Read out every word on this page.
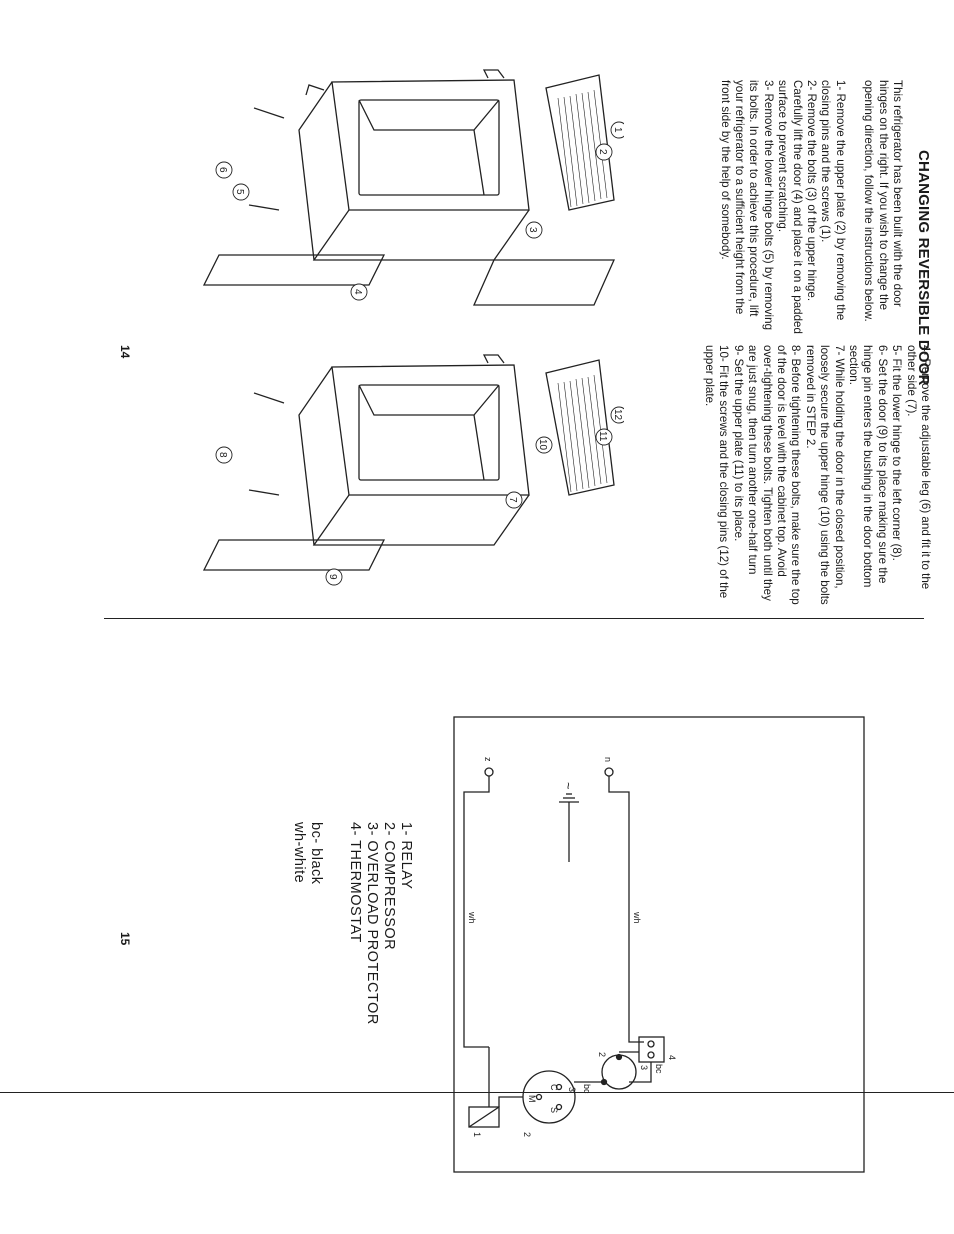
CHANGING REVERSIBLE DOOR

This refrigerator has been built with the door hinges on the right. If you wish to change the opening direction, follow the instructions below.

1- Remove the upper plate (2) by removing the closing pins and the screws (1).

2- Remove the bolts (3) of the upper hinge. Carefully lift the door (4) and place it on a padded surface to prevent scratching.

3- Remove the lower hinge bolts (5) by removing its bolts. In order to achieve this procedure, lift your refrigerator to a sufficient height from the front side by the help of somebody.

4- Remove the adjustable leg (6) and fit it to the other side (7).

5- Fit the lower hinge to the left corner (8).

6- Set the door (9) to its place making sure the hinge pin enters the bushing in the door bottom section.

7- While holding the door in the closed position, loosely secure the upper hinge (10) using the bolts removed in STEP 2.

8- Before tightening these bolts, make sure the top of the door is level with the cabinet top. Avoid over-tightening these bolts. Tighten both until they are just snug, then turn another one-half turn

9- Set the upper plate (11) to its place.

10- Fit the screws and the closing pins (12) of the upper plate.

1
2
3
4
5
6
7
8
9
10
11
12
14
1- RELAY
2- COMPRESSOR
3- OVERLOAD PROTECTOR
4- THERMOSTAT
bc- black
wh-white
15
z	n
~
wh
wh
bc
bc
4
3
2
3
C
S
M
1	2
